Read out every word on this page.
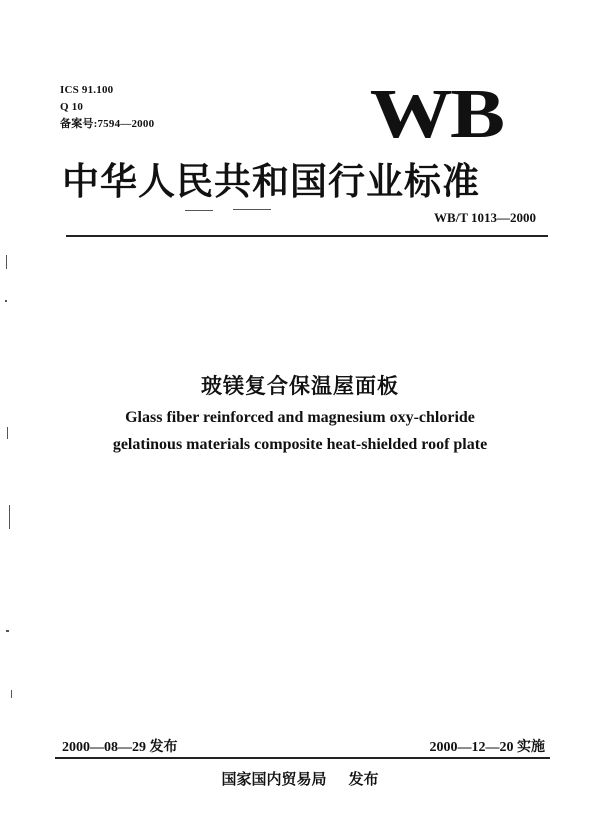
ICS 91.100
Q 10
备案号:7594—2000	WB
中华人民共和国行业标准
WB/T 1013—2000
玻镁复合保温屋面板
Glass fiber reinforced and magnesium oxy-chloride
gelatinous materials composite heat-shielded roof plate
2000—08—29 发布	2000—12—20 实施
国家国内贸易局 发布
